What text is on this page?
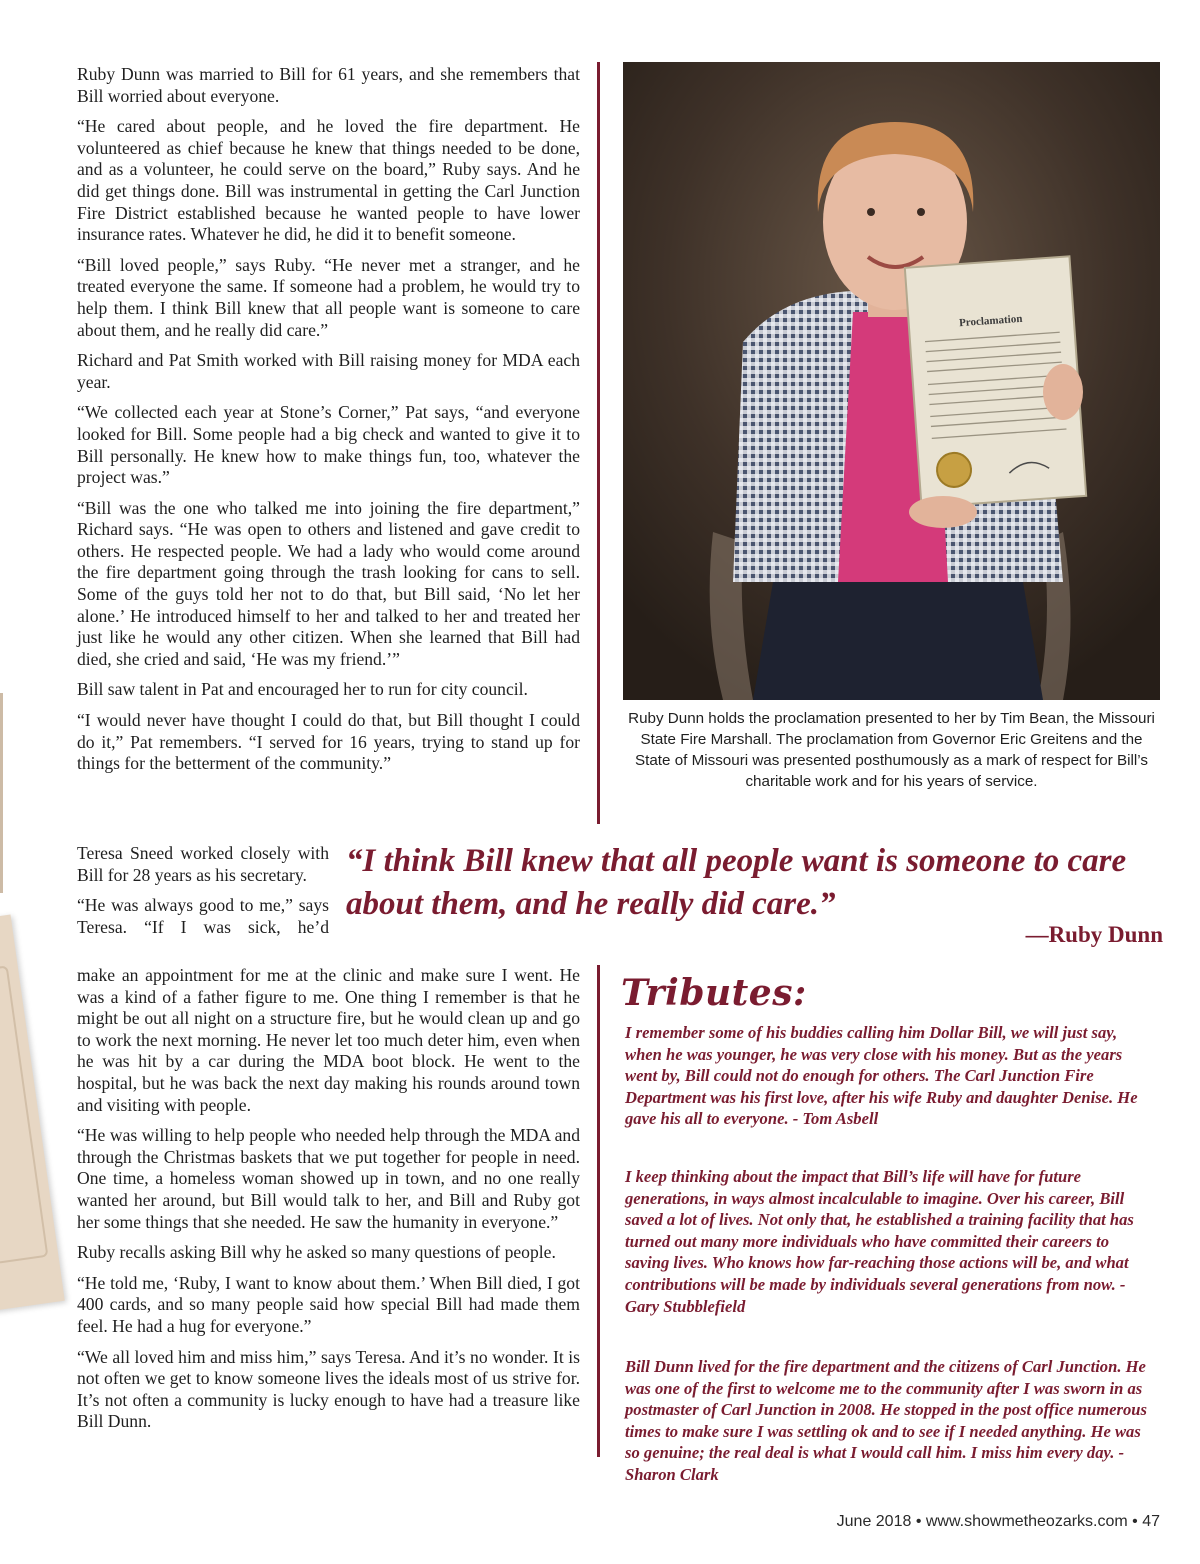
Ruby Dunn was married to Bill for 61 years, and she remembers that Bill worried about everyone.

“He cared about people, and he loved the fire department. He volunteered as chief because he knew that things needed to be done, and as a volunteer, he could serve on the board,” Ruby says. And he did get things done. Bill was instrumental in getting the Carl Junction Fire District established because he wanted people to have lower insurance rates. Whatever he did, he did it to benefit someone.

“Bill loved people,” says Ruby. “He never met a stranger, and he treated everyone the same. If someone had a problem, he would try to help them. I think Bill knew that all people want is someone to care about them, and he really did care.”

Richard and Pat Smith worked with Bill raising money for MDA each year.

“We collected each year at Stone’s Corner,” Pat says, “and everyone looked for Bill. Some people had a big check and wanted to give it to Bill personally. He knew how to make things fun, too, whatever the project was.”

“Bill was the one who talked me into joining the fire department,” Richard says. “He was open to others and listened and gave credit to others. He respected people. We had a lady who would come around the fire department going through the trash looking for cans to sell. Some of the guys told her not to do that, but Bill said, ‘No let her alone.’ He introduced himself to her and talked to her and treated her just like he would any other citizen. When she learned that Bill had died, she cried and said, ‘He was my friend.’”

Bill saw talent in Pat and encouraged her to run for city council.

“I would never have thought I could do that, but Bill thought I could do it,” Pat remembers. “I served for 16 years, trying to stand up for things for the betterment of the community.”

Proclamation
Ruby Dunn holds the proclamation presented to her by Tim Bean, the Missouri State Fire Marshall. The proclamation from Governor Eric Greitens and the State of Missouri was presented posthumously as a mark of respect for Bill’s charitable work and for his years of service.

Teresa Sneed worked closely with Bill for 28 years as his secretary.

“He was always good to me,” says Teresa. “If I was sick, he’d

“I think Bill knew that all people want is someone to care about them, and he really did care.”
—Ruby Dunn

make an appointment for me at the clinic and make sure I went. He was a kind of a father figure to me. One thing I remember is that he might be out all night on a structure fire, but he would clean up and go to work the next morning. He never let too much deter him, even when he was hit by a car during the MDA boot block. He went to the hospital, but he was back the next day making his rounds around town and visiting with people.

“He was willing to help people who needed help through the MDA and through the Christmas baskets that we put together for people in need. One time, a homeless woman showed up in town, and no one really wanted her around, but Bill would talk to her, and Bill and Ruby got her some things that she needed. He saw the humanity in everyone.”

Ruby recalls asking Bill why he asked so many questions of people.

“He told me, ‘Ruby, I want to know about them.’ When Bill died, I got 400 cards, and so many people said how special Bill had made them feel. He had a hug for everyone.”

“We all loved him and miss him,” says Teresa. And it’s no wonder. It is not often we get to know someone lives the ideals most of us strive for. It’s not often a community is lucky enough to have had a treasure like Bill Dunn.

Tributes:
I remember some of his buddies calling him Dollar Bill, we will just say, when he was younger, he was very close with his money. But as the years went by, Bill could not do enough for others. The Carl Junction Fire Department was his first love, after his wife Ruby and daughter Denise. He gave his all to everyone. - Tom Asbell
I keep thinking about the impact that Bill’s life will have for future generations, in ways almost incalculable to imagine. Over his career, Bill saved a lot of lives. Not only that, he established a training facility that has turned out many more individuals who have committed their careers to saving lives. Who knows how far-reaching those actions will be, and what contributions will be made by individuals several generations from now. - Gary Stubblefield
Bill Dunn lived for the fire department and the citizens of Carl Junction. He was one of the first to welcome me to the community after I was sworn in as postmaster of Carl Junction in 2008. He stopped in the post office numerous times to make sure I was settling ok and to see if I needed anything. He was so genuine; the real deal is what I would call him. I miss him every day. - Sharon Clark
June 2018 • www.showmetheozarks.com • 47
